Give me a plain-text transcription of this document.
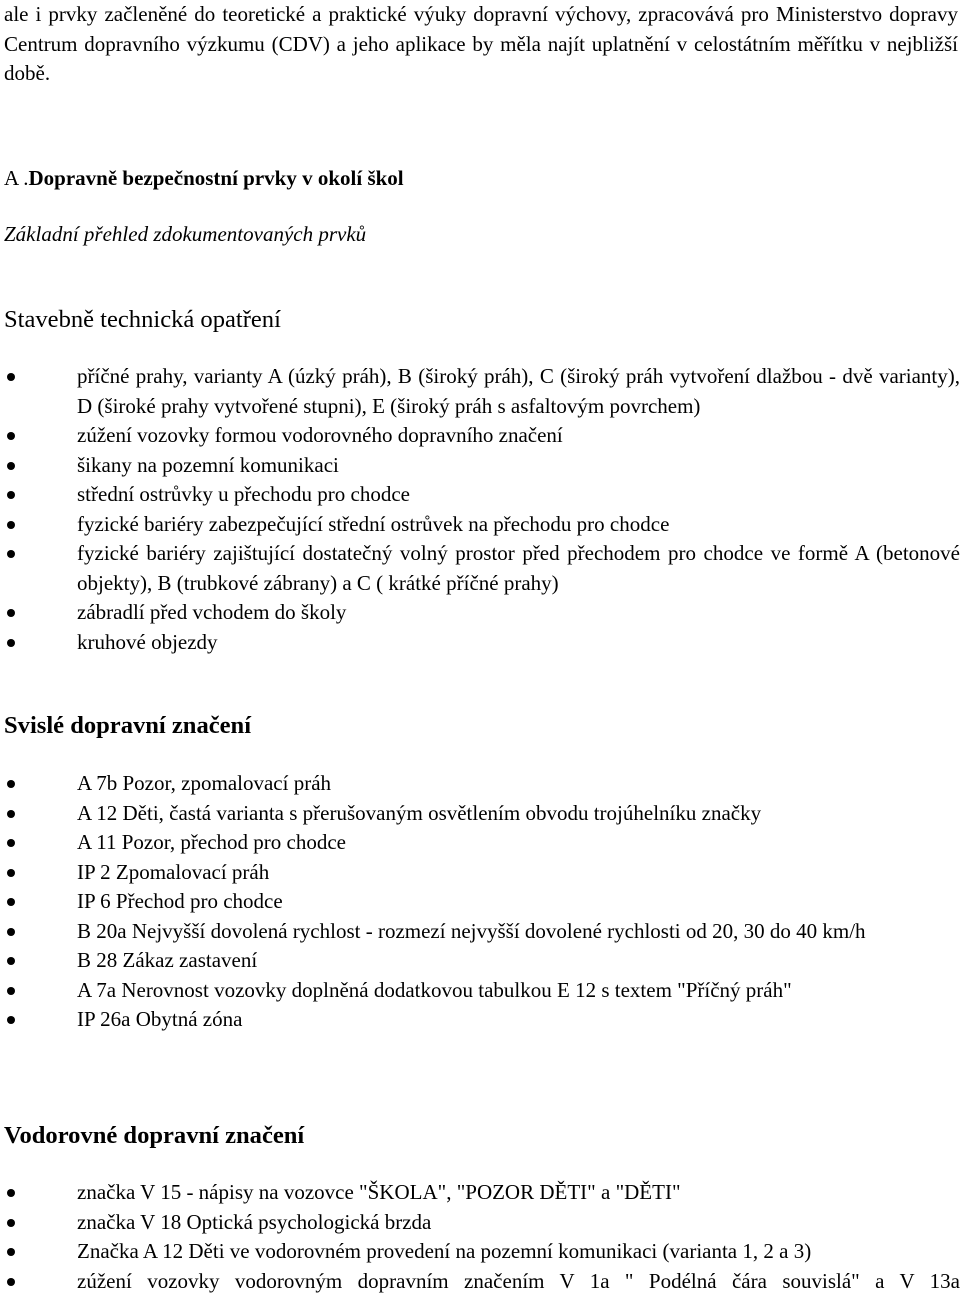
ale i prvky začleněné do teoretické a praktické výuky dopravní výchovy, zpracovává pro Ministerstvo dopravy Centrum dopravního výzkumu (CDV) a jeho aplikace by měla najít uplatnění v celostátním měřítku v nejbližší době.

A .Dopravně bezpečnostní prvky v okolí škol

Základní přehled zdokumentovaných prvků

Stavebně technická opatření
příčné prahy, varianty A (úzký práh), B (široký práh), C (široký práh vytvoření dlažbou - dvě varianty), D (široké prahy vytvořené stupni), E (široký práh s asfaltovým povrchem)
zúžení vozovky formou vodorovného dopravního značení
šikany na pozemní komunikaci
střední ostrůvky u přechodu pro chodce
fyzické bariéry zabezpečující střední ostrůvek na přechodu pro chodce
fyzické bariéry zajištující dostatečný volný prostor před přechodem pro chodce ve formě A (betonové objekty), B (trubkové zábrany) a C ( krátké příčné prahy)
zábradlí před vchodem do školy
kruhové objezdy
Svislé dopravní značení
A 7b Pozor, zpomalovací práh
A 12 Děti, častá varianta s přerušovaným osvětlením obvodu trojúhelníku značky
A 11 Pozor, přechod pro chodce
IP 2 Zpomalovací práh
IP 6 Přechod pro chodce
B 20a Nejvyšší dovolená rychlost - rozmezí nejvyšší dovolené rychlosti od 20, 30 do 40 km/h
B 28 Zákaz zastavení
A 7a Nerovnost vozovky doplněná dodatkovou tabulkou E 12 s textem "Příčný práh"
IP 26a Obytná zóna
Vodorovné dopravní značení
značka V 15 - nápisy na vozovce "ŠKOLA", "POZOR DĚTI" a "DĚTI"
značka V 18 Optická psychologická brzda
Značka A 12 Děti ve vodorovném provedení na pozemní komunikaci (varianta 1, 2 a 3)
zúžení vozovky vodorovným dopravním značením V 1a " Podélná čára souvislá" a V 13a
